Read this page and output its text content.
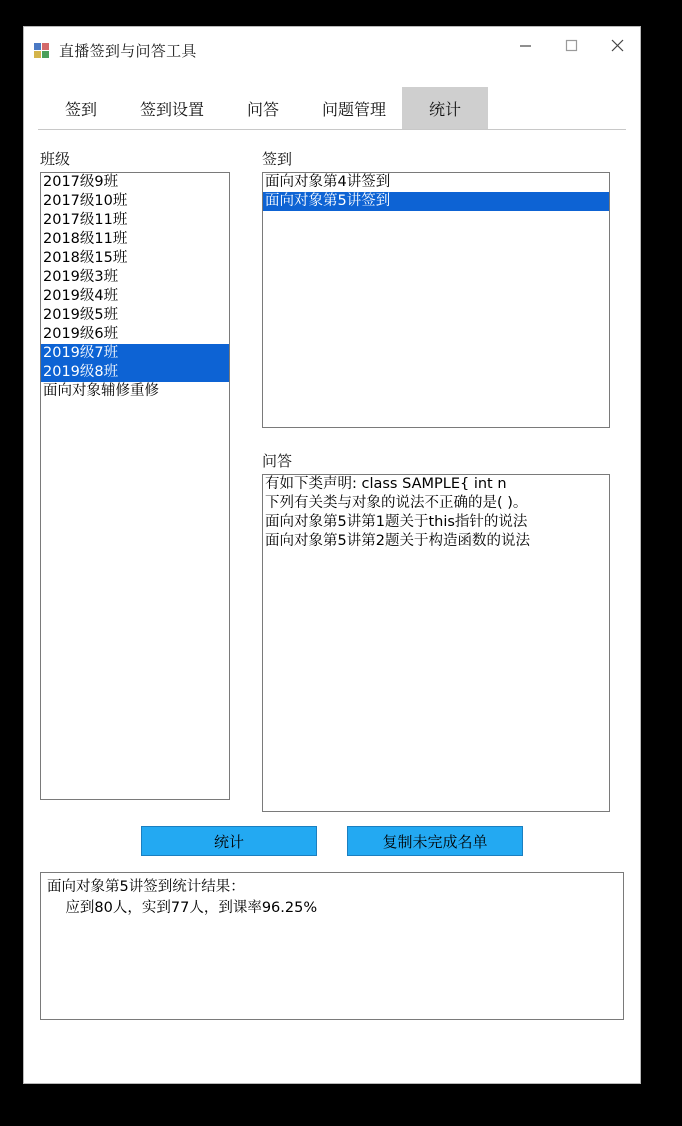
直播签到与问答工具
签到	签到设置	问答	问题管理	统计
班级
2017级9班
2017级10班
2017级11班
2018级11班
2018级15班
2019级3班
2019级4班
2019级5班
2019级6班
2019级7班
2019级8班
面向对象辅修重修
签到
面向对象第4讲签到
面向对象第5讲签到
问答
有如下类声明: class SAMPLE{ int n
下列有关类与对象的说法不正确的是( )。
面向对象第5讲第1题关于this指针的说法
面向对象第5讲第2题关于构造函数的说法
统计	复制未完成名单
面向对象第5讲签到统计结果：
应到80人，实到77人，到课率96.25%
